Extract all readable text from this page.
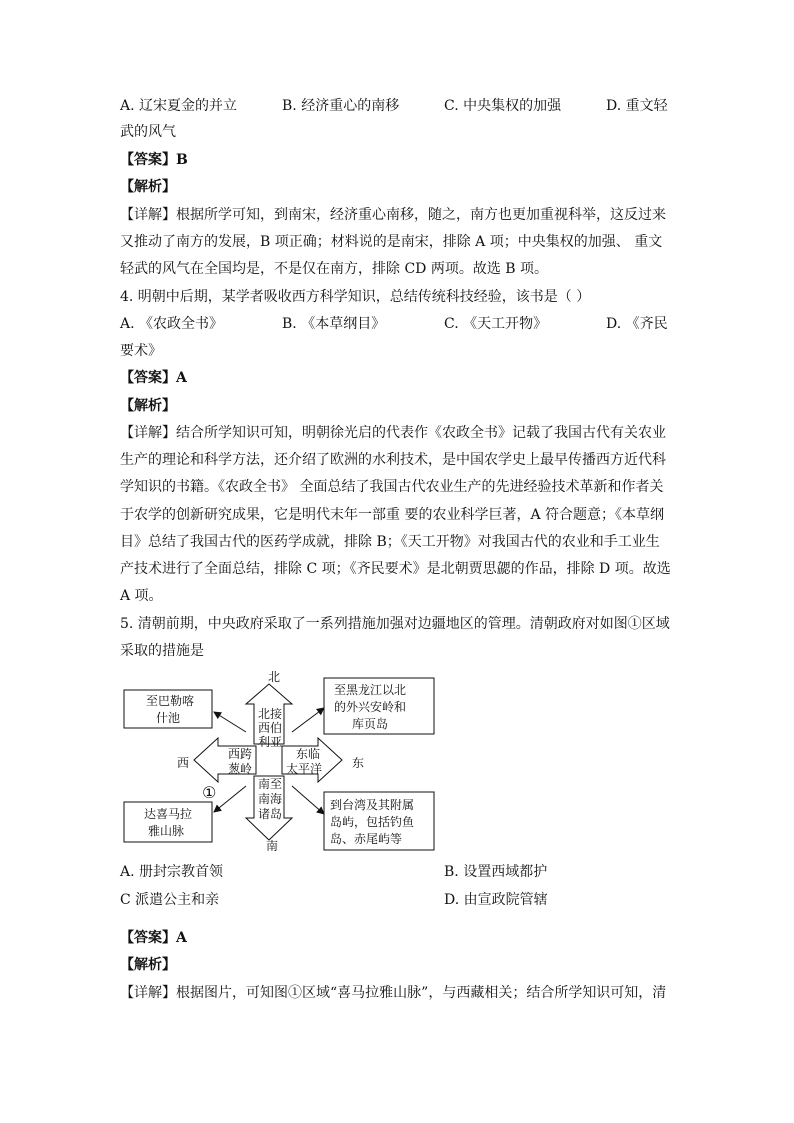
A. 辽宋夏金的并立	B. 经济重心的南移	C. 中央集权的加强	D. 重文轻
武的风气
【答案】B
【解析】
【详解】根据所学可知，到南宋，经济重心南移，随之，南方也更加重视科举，这反过来
又推动了南方的发展，B 项正确；材料说的是南宋，排除 A 项；中央集权的加强、 重文
轻武的风气在全国均是，不是仅在南方，排除 CD 两项。故选 B 项。
4. 明朝中后期，某学者吸收西方科学知识，总结传统科技经验，该书是（ ）
A. 《农政全书》	B. 《本草纲目》	C. 《天工开物》	D. 《齐民
要术》
【答案】A
【解析】
【详解】结合所学知识可知，明朝徐光启的代表作《农政全书》记载了我国古代有关农业
生产的理论和科学方法，还介绍了欧洲的水利技术，是中国农学史上最早传播西方近代科
学知识的书籍。《农政全书》 全面总结了我国古代农业生产的先进经验技术革新和作者关
于农学的创新研究成果，它是明代末年一部重 要的农业科学巨著，A 符合题意；《本草纲
目》总结了我国古代的医药学成就，排除 B；《天工开物》对我国古代的农业和手工业生
产技术进行了全面总结，排除 C 项；《齐民要术》是北朝贾思勰的作品，排除 D 项。故选
A 项。
5. 清朝前期，中央政府采取了一系列措施加强对边疆地区的管理。清朝政府对如图①区域
采取的措施是
北
西	东
南
至巴勒喀
什池
至黑龙江以北
的外兴安岭和
库页岛
达喜马拉
雅山脉
到台湾及其附属
岛屿，包括钓鱼
岛、赤尾屿等
北接
西伯
利亚
西跨
葱岭
东临
太平洋
南至
南海
诸岛
①
A. 册封宗教首领	B. 设置西域都护
C 派遣公主和亲	D. 由宣政院管辖
【答案】A
【解析】
【详解】根据图片，可知图①区域“喜马拉雅山脉”，与西藏相关；结合所学知识可知，清
